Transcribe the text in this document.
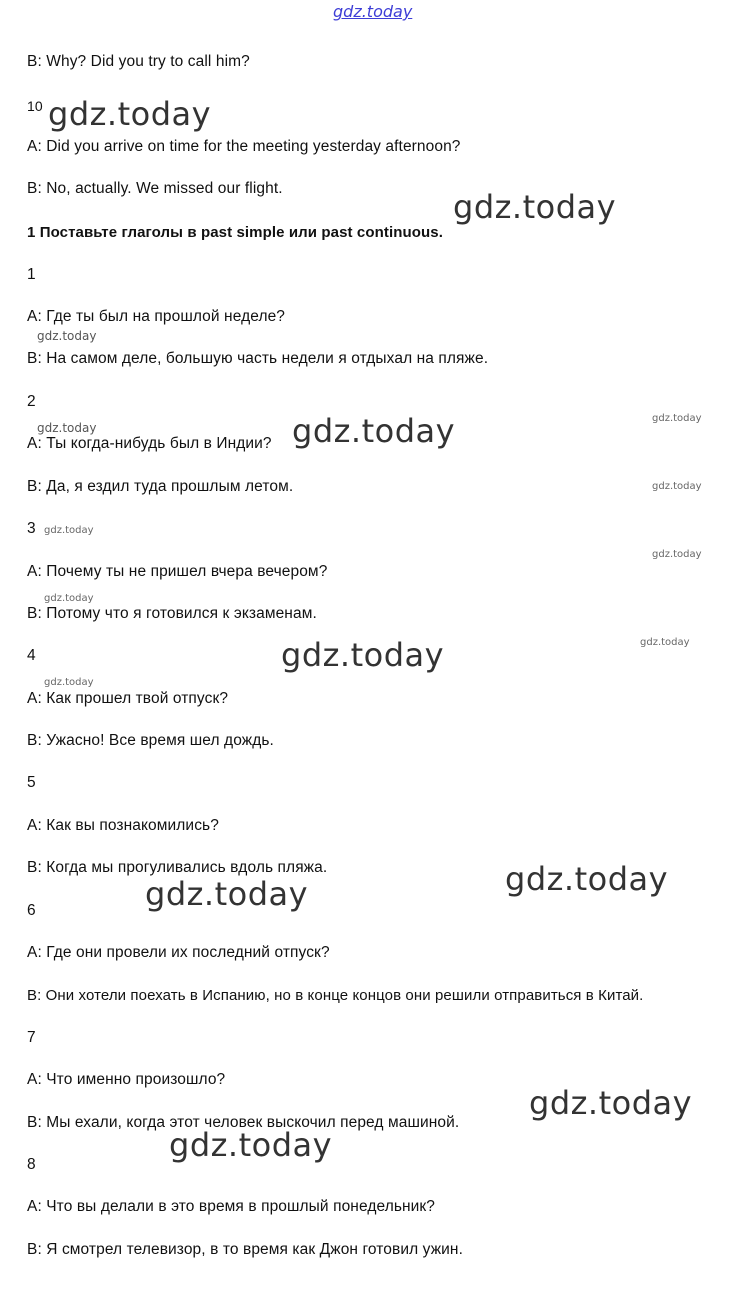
gdz.today
B: Why? Did you try to call him?
10
A: Did you arrive on time for the meeting yesterday afternoon?
B: No, actually. We missed our flight.
1 Поставьте глаголы в past simple или past continuous.
1
A: Где ты был на прошлой неделе?
B: На самом деле, большую часть недели я отдыхал на пляже.
2
A: Ты когда-нибудь был в Индии?
B: Да, я ездил туда прошлым летом.
3
A: Почему ты не пришел вчера вечером?
B: Потому что я готовился к экзаменам.
4
A: Как прошел твой отпуск?
B: Ужасно! Все время шел дождь.
5
A: Как вы познакомились?
B: Когда мы прогуливались вдоль пляжа.
6
A: Где они провели их последний отпуск?
B: Они хотели поехать в Испанию, но в конце концов они решили отправиться в Китай.
7
A: Что именно произошло?
B: Мы ехали, когда этот человек выскочил перед машиной.
8
A: Что вы делали в это время в прошлый понедельник?
B: Я смотрел телевизор, в то время как Джон готовил ужин.
gdz.today
gdz.today
gdz.today
gdz.today
gdz.today
gdz.today
gdz.today
gdz.today
gdz.today
gdz.today
gdz.today
gdz.today
gdz.today
gdz.today
gdz.today
gdz.today
gdz.today
